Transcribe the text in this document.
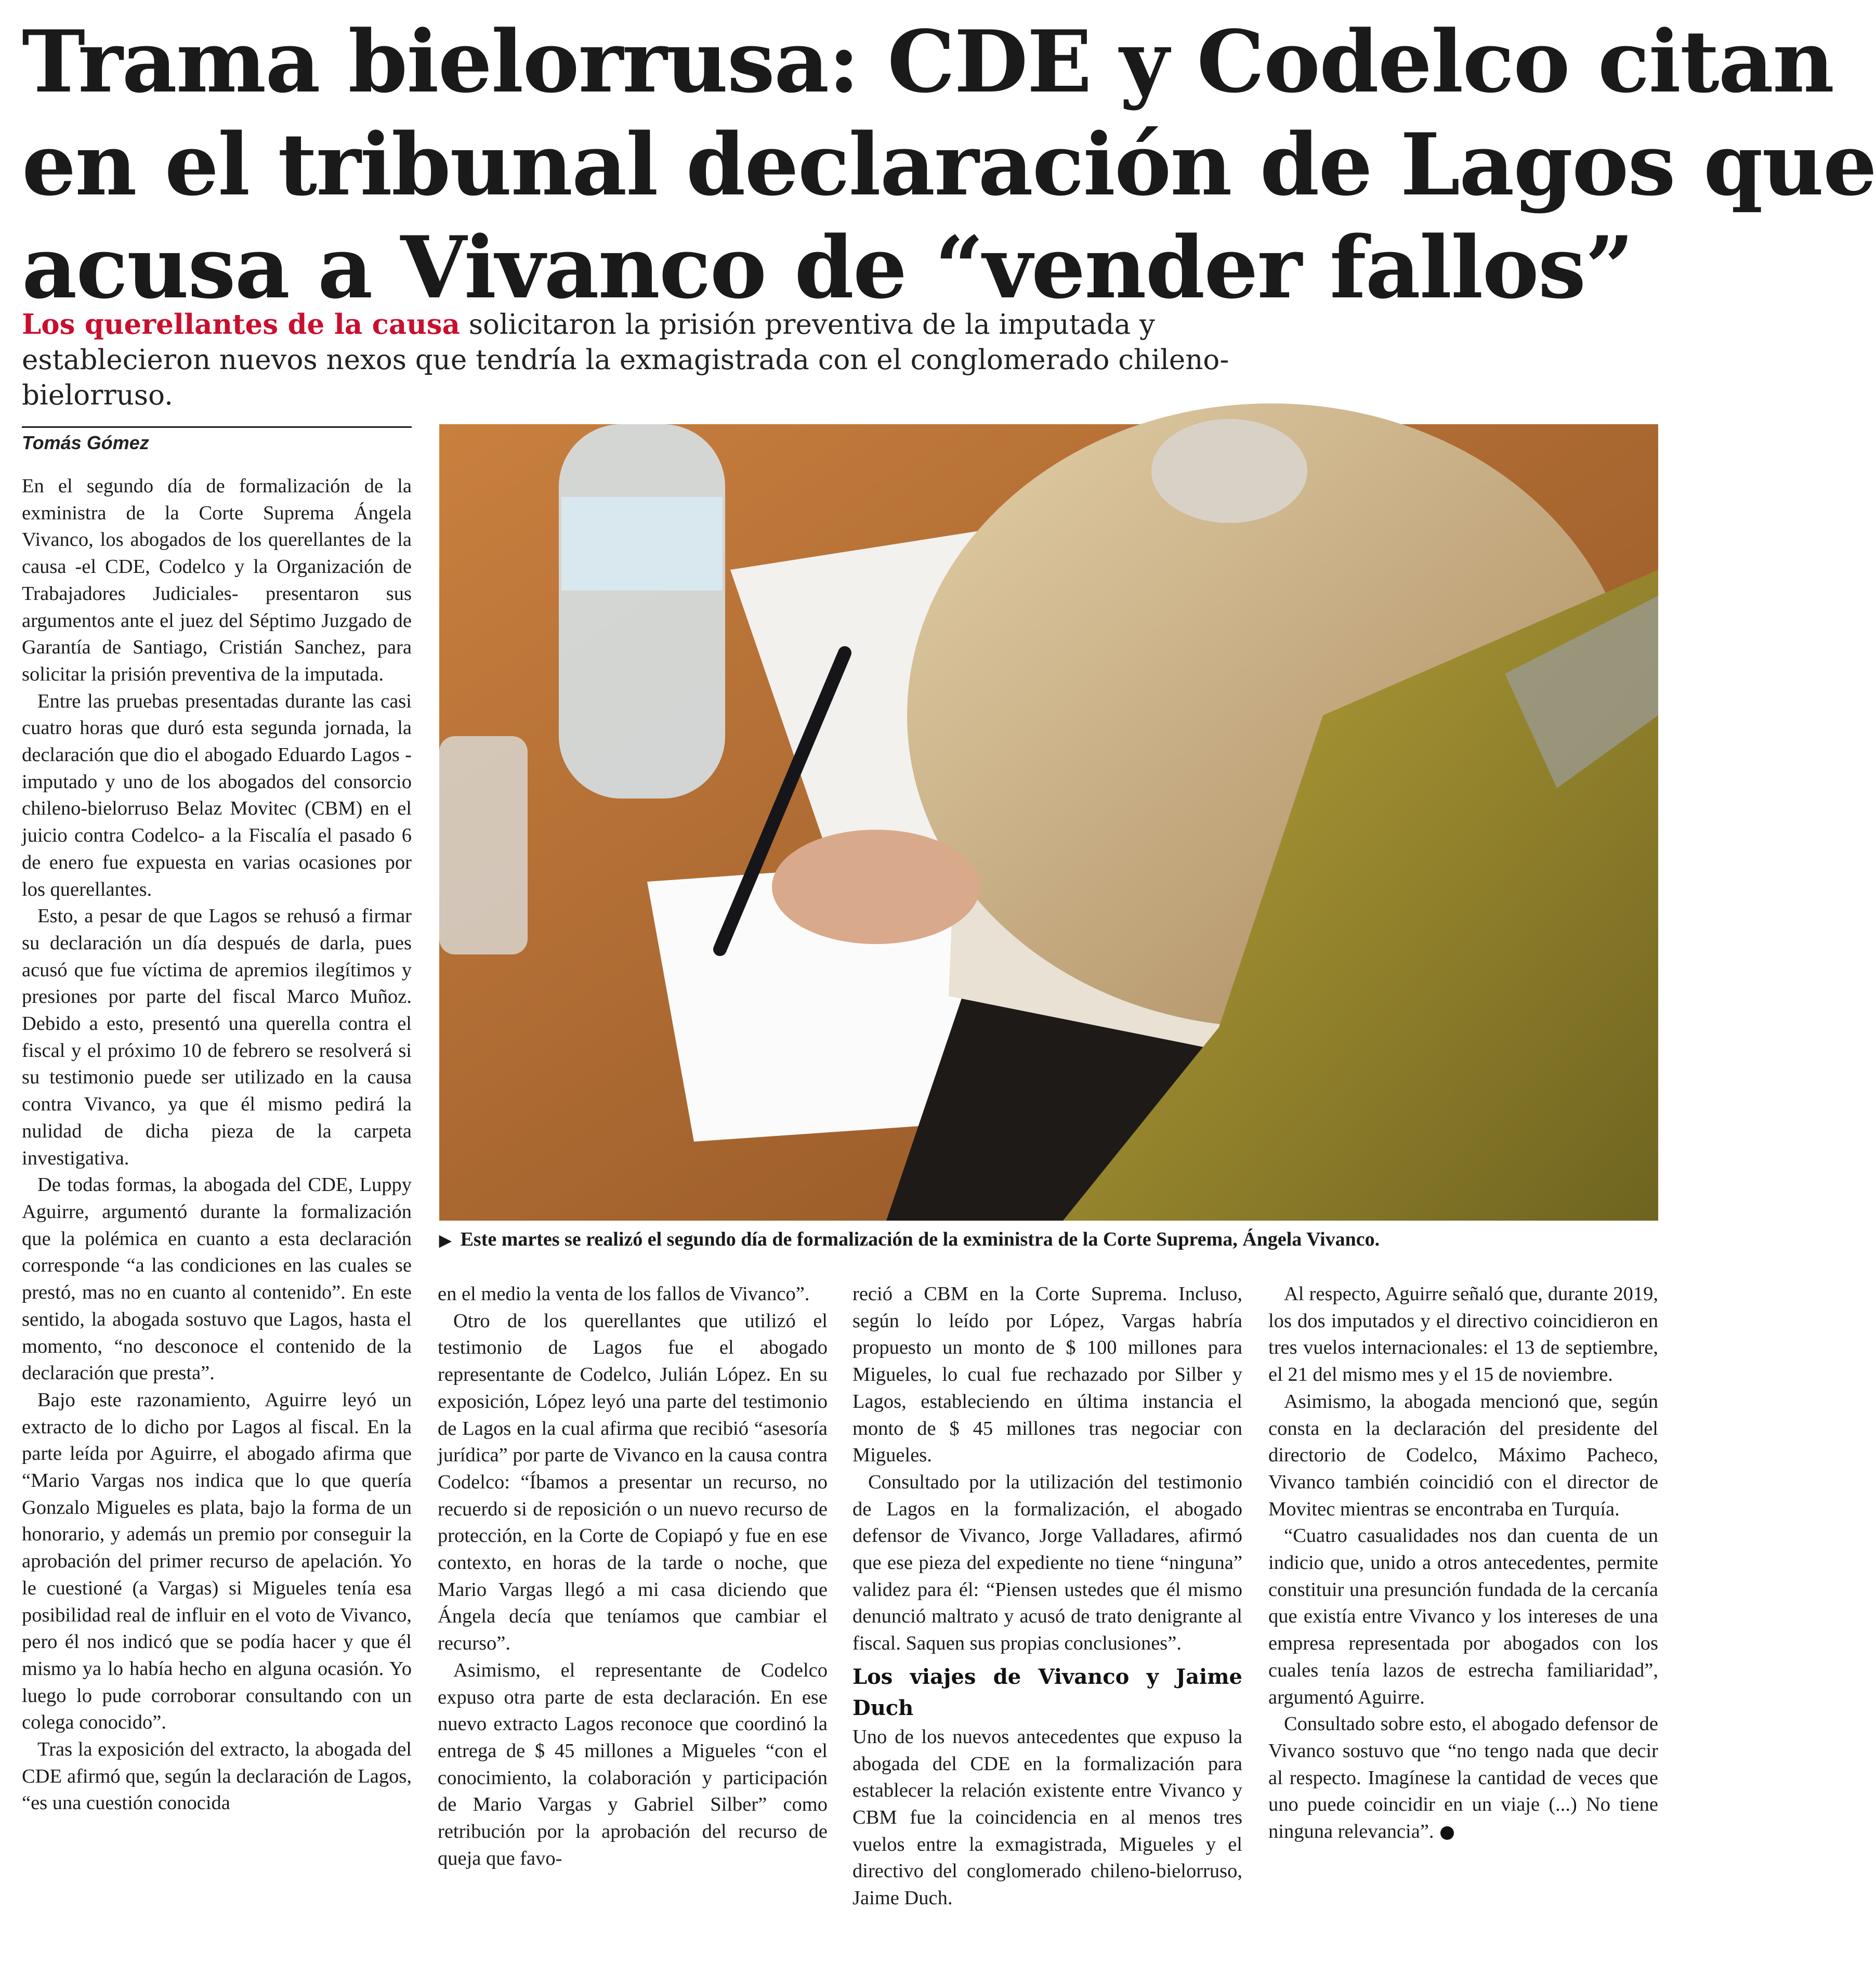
Trama bielorrusa: CDE y Codelco citan
en el tribunal declaración de Lagos que
acusa a Vivanco de “vender fallos”
Los querellantes de la causa solicitaron la prisión preventiva de la imputada y establecieron nuevos nexos que tendría la exmagistrada con el conglomerado chileno-bielorruso.
Tomás Gómez

En el segundo día de formalización de la exministra de la Corte Suprema Ángela Vivanco, los abogados de los querellantes de la causa -el CDE, Codelco y la Organización de Trabajadores Judiciales- presentaron sus argumentos ante el juez del Séptimo Juzgado de Garantía de Santiago, Cristián Sanchez, para solicitar la prisión preventiva de la imputada.

Entre las pruebas presentadas durante las casi cuatro horas que duró esta segunda jornada, la declaración que dio el abogado Eduardo Lagos -imputado y uno de los abogados del consorcio chileno-bielorruso Belaz Movitec (CBM) en el juicio contra Codelco- a la Fiscalía el pasado 6 de enero fue expuesta en varias ocasiones por los querellantes.

Esto, a pesar de que Lagos se rehusó a firmar su declaración un día después de darla, pues acusó que fue víctima de apremios ilegítimos y presiones por parte del fiscal Marco Muñoz. Debido a esto, presentó una querella contra el fiscal y el próximo 10 de febrero se resolverá si su testimonio puede ser utilizado en la causa contra Vivanco, ya que él mismo pedirá la nulidad de dicha pieza de la carpeta investigativa.

De todas formas, la abogada del CDE, Luppy Aguirre, argumentó durante la formalización que la polémica en cuanto a esta declaración corresponde “a las condiciones en las cuales se prestó, mas no en cuanto al contenido”. En este sentido, la abogada sostuvo que Lagos, hasta el momento, “no desconoce el contenido de la declaración que presta”.

Bajo este razonamiento, Aguirre leyó un extracto de lo dicho por Lagos al fiscal. En la parte leída por Aguirre, el abogado afirma que “Mario Vargas nos indica que lo que quería Gonzalo Migueles es plata, bajo la forma de un honorario, y además un premio por conseguir la aprobación del primer recurso de apelación. Yo le cuestioné (a Vargas) si Migueles tenía esa posibilidad real de influir en el voto de Vivanco, pero él nos indicó que se podía hacer y que él mismo ya lo había hecho en alguna ocasión. Yo luego lo pude corroborar consultando con un colega conocido”.

Tras la exposición del extracto, la abogada del CDE afirmó que, según la declaración de Lagos, “es una cuestión conocida

▶ Este martes se realizó el segundo día de formalización de la exministra de la Corte Suprema, Ángela Vivanco.

en el medio la venta de los fallos de Vivanco”.

Otro de los querellantes que utilizó el testimonio de Lagos fue el abogado representante de Codelco, Julián López. En su exposición, López leyó una parte del testimonio de Lagos en la cual afirma que recibió “asesoría jurídica” por parte de Vivanco en la causa contra Codelco: “Íbamos a presentar un recurso, no recuerdo si de reposición o un nuevo recurso de protección, en la Corte de Copiapó y fue en ese contexto, en horas de la tarde o noche, que Mario Vargas llegó a mi casa diciendo que Ángela decía que teníamos que cambiar el recurso”.

Asimismo, el representante de Codelco expuso otra parte de esta declaración. En ese nuevo extracto Lagos reconoce que coordinó la entrega de $ 45 millones a Migueles “con el conocimiento, la colaboración y participación de Mario Vargas y Gabriel Silber” como retribución por la aprobación del recurso de queja que favo-

reció a CBM en la Corte Suprema. Incluso, según lo leído por López, Vargas habría propuesto un monto de $ 100 millones para Migueles, lo cual fue rechazado por Silber y Lagos, estableciendo en última instancia el monto de $ 45 millones tras negociar con Migueles.

Consultado por la utilización del testimonio de Lagos en la formalización, el abogado defensor de Vivanco, Jorge Valladares, afirmó que ese pieza del expediente no tiene “ninguna” validez para él: “Piensen ustedes que él mismo denunció maltrato y acusó de trato denigrante al fiscal. Saquen sus propias conclusiones”.

Los viajes de Vivanco y Jaime Duch

Uno de los nuevos antecedentes que expuso la abogada del CDE en la formalización para establecer la relación existente entre Vivanco y CBM fue la coincidencia en al menos tres vuelos entre la exmagistrada, Migueles y el directivo del conglomerado chileno-bielorruso, Jaime Duch.

Al respecto, Aguirre señaló que, durante 2019, los dos imputados y el directivo coincidieron en tres vuelos internacionales: el 13 de septiembre, el 21 del mismo mes y el 15 de noviembre.

Asimismo, la abogada mencionó que, según consta en la declaración del presidente del directorio de Codelco, Máximo Pacheco, Vivanco también coincidió con el director de Movitec mientras se encontraba en Turquía.

“Cuatro casualidades nos dan cuenta de un indicio que, unido a otros antecedentes, permite constituir una presunción fundada de la cercanía que existía entre Vivanco y los intereses de una empresa representada por abogados con los cuales tenía lazos de estrecha familiaridad”, argumentó Aguirre.

Consultado sobre esto, el abogado defensor de Vivanco sostuvo que “no tengo nada que decir al respecto. Imagínese la cantidad de veces que uno puede coincidir en un viaje (...) No tiene ninguna relevancia”.
